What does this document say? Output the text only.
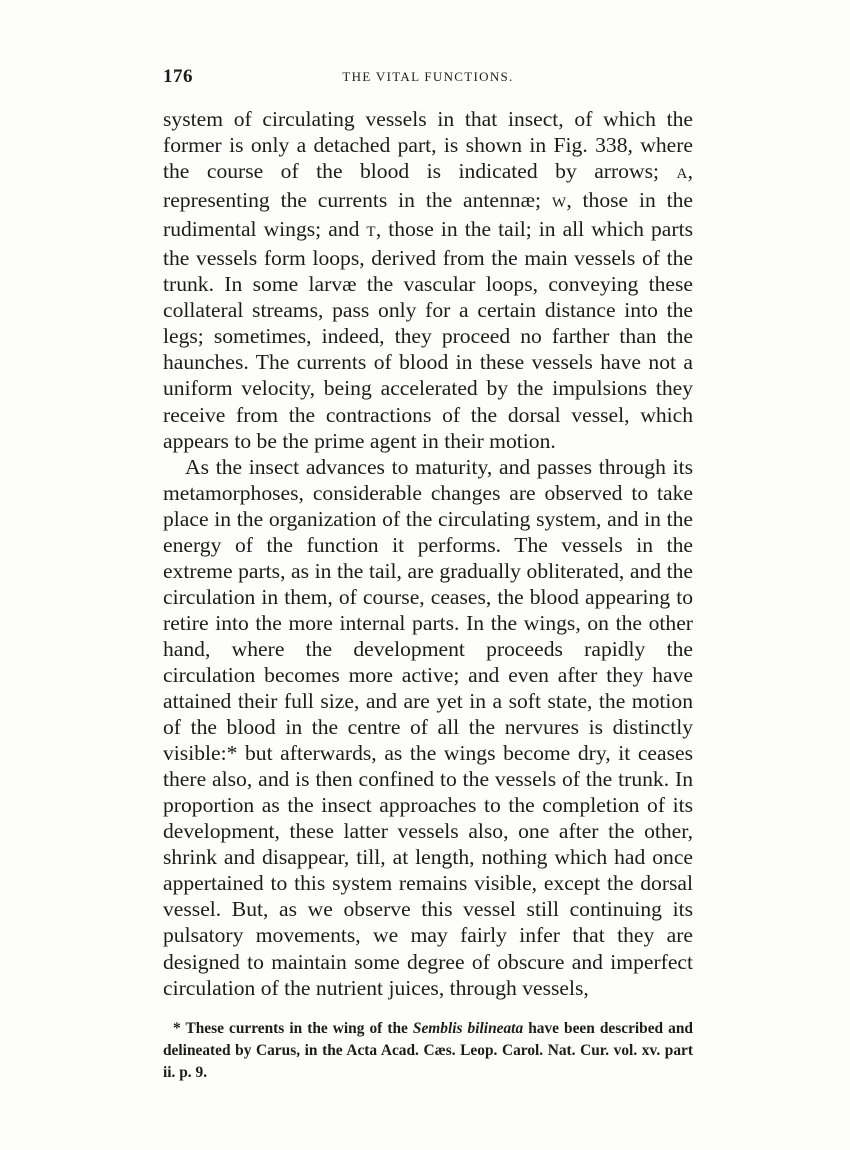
176	THE VITAL FUNCTIONS.

system of circulating vessels in that insect, of which the former is only a detached part, is shown in Fig. 338, where the course of the blood is indicated by arrows; A, representing the currents in the antennæ; W, those in the rudimental wings; and T, those in the tail; in all which parts the vessels form loops, derived from the main vessels of the trunk. In some larvæ the vascular loops, conveying these collateral streams, pass only for a certain distance into the legs; sometimes, indeed, they proceed no farther than the haunches. The currents of blood in these vessels have not a uniform velocity, being accelerated by the impulsions they receive from the contractions of the dorsal vessel, which appears to be the prime agent in their motion.

As the insect advances to maturity, and passes through its metamorphoses, considerable changes are observed to take place in the organization of the circulating system, and in the energy of the function it performs. The vessels in the extreme parts, as in the tail, are gradually obliterated, and the circulation in them, of course, ceases, the blood appearing to retire into the more internal parts. In the wings, on the other hand, where the development proceeds rapidly the circulation becomes more active; and even after they have attained their full size, and are yet in a soft state, the motion of the blood in the centre of all the nervures is distinctly visible:* but afterwards, as the wings become dry, it ceases there also, and is then confined to the vessels of the trunk. In proportion as the insect approaches to the completion of its development, these latter vessels also, one after the other, shrink and disappear, till, at length, nothing which had once appertained to this system remains visible, except the dorsal vessel. But, as we observe this vessel still continuing its pulsatory movements, we may fairly infer that they are designed to maintain some degree of obscure and imperfect circulation of the nutrient juices, through vessels,

* These currents in the wing of the Semblis bilineata have been described and delineated by Carus, in the Acta Acad. Cæs. Leop. Carol. Nat. Cur. vol. xv. part ii. p. 9.
